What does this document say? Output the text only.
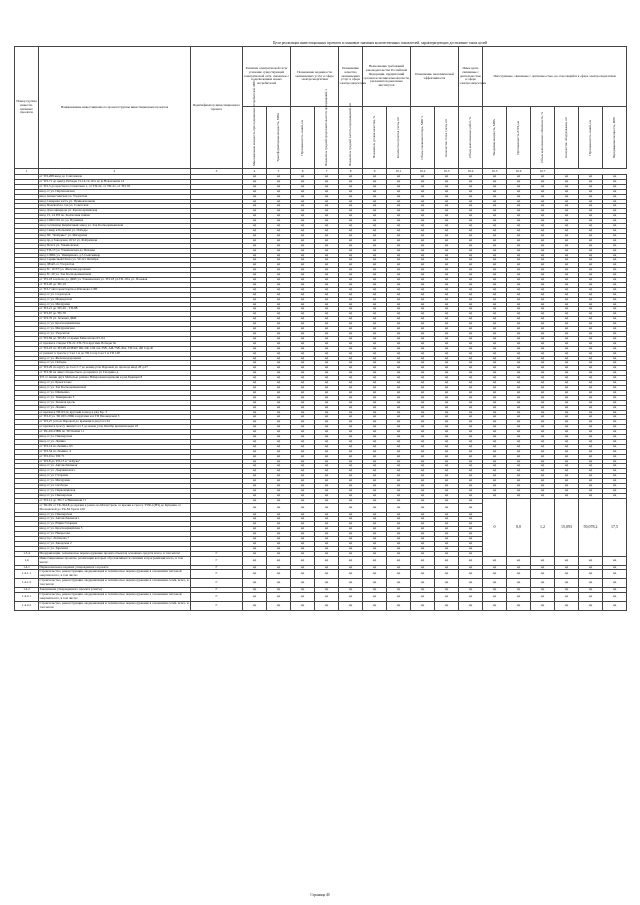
Цели реализации инвестиционных проектов и плановые значения количественных показателей, характеризующих достижение таких целей
Номер группы инвести-ционных проектов	Наименование инвестиционного проекта/группы инвестиционных проектов	Идентификатор инвестиционного проекта	Развитие электрической сети/усиление существующей электрической сети, связанное с подключением новых потребителей		Повышение надежности оказываемых услуг в сфере электроэнергетики		Повышение качества оказываемых услуг в сфере электроэнергетики	Выполнение требований законодательства Российской Федерации, предписаний органов исполнительной власти, регламентов рыночных институтов		Повышение экономической эффективности		Иные цели, связанные с деятельностью в сфере электроэнергетики	Иностранные, связанные с деятельностью, не относящейся к сфере электроэнергетики					

			Максимальная мощность присоединяемых потребителей, МВт	Трансформаторная мощность, МВА	Протяженность линий, км	Показатель средней продолжительности прекращений, ч	Показатель средней частоты прекращений, шт	Показатель уровня качества, %	Количество пунктов учета, шт	Объем снижения потерь, МВт·ч	Количество точек учета, шт	Объем выполненных работ, %	Вводимая мощность, МВА	Протяженность ЛЭП, км	Объем выполненных обязательств, %	Количество оборудования, шт	Протяженность линий, км	Передаваемая мощность, МВт

1	2	3	4	5	6	7	8	9	10.1	10.2	10.3	10.4	10.5	10.6	10.7			
	от ТП-268 ввод до Слаговизок		нд	нд	нд	нд	нд	нд	нд	нд	нд	нд	нд	нд	нд	нд	нд	нд
	от ТП-71 до центр Победы 15,14,12,10 в до ф.Вокзальная 14		нд	нд	нд	нд	нд	нд	нд	нд	нд	нд	нд	нд	нд	нд	нд	нд
	от ТП-5 до крестного Советская 1, от ТП-22, от ТП-21, от ТП-76		нд	нд	нд	нд	нд	нд	нд	нд	нд	нд	нд	нд	нд	нд	нд	нд
	ввод от ул. Партизанская		нд	нд	нд	нд	нд	нд	нд	нд	нд	нд	нд	нд	нд	нд	нд	нд
	ввод Ахмыстинская ул. Узорчатая		нд	нд	нд	нд	нд	нд	нд	нд	нд	нд	нд	нд	нд	нд	нд	нд
	ввод Северная часть ул. Привокзальная		нд	нд	нд	нд	нд	нд	нд	нд	нд	нд	нд	нд	нд	нд	нд	нд
	ввод Полевой по сад ул. Советская		нд	нд	нд	нд	нд	нд	нд	нд	нд	нд	нд	нд	нд	нд	нд	нд
	ввод Дом офицеров ул. Красноармейская		нд	нд	нд	нд	нд	нд	нд	нд	нд	нд	нд	нд	нд	нд	нд	нд
	ввод 13, 14 РП по. Колхозная пойма		нд	нд	нд	нд	нд	нд	нд	нд	нд	нд	нд	нд	нд	нд	нд	нд
	ввод СОШ №5 по ул. Пушкина		нд	нд	нд	нд	нд	нд	нд	нд	нд	нд	нд	нд	нд	нд	нд	нд
	ввод гостиница Кирпичный завод ул. Зоя Космодемьянской		нд	нд	нд	нд	нд	нд	нд	нд	нд	нд	нд	нд	нд	нд	нд	нд
	ввод Сквер в Большой ул. Победы		нд	нд	нд	нд	нд	нд	нд	нд	нд	нд	нд	нд	нд	нд	нд	нд
	ввод ПС "Фабрика" ул. Мичурина		нд	нд	нд	нд	нд	нд	нд	нд	нд	нд	нд	нд	нд	нд	нд	нд
	ввод пр-д Заводская 10/12 ул. Фабричная		нд	нд	нд	нд	нд	нд	нд	нд	нд	нд	нд	нд	нд	нд	нд	нд
	ввод Почта ул. Ульяновская		нд	нд	нд	нд	нд	нд	нд	нд	нд	нд	нд	нд	нд	нд	нд	нд
	ввод ТП-13 ул. Ульяновская до Пахомы		нд	нд	нд	нд	нд	нд	нд	нд	нд	нд	нд	нд	нд	нд	нд	нд
	ввод СЛПК ул. Тимирязева, д.5 Сыктывкар		нд	нд	нд	нд	нд	нд	нд	нд	нд	нд	нд	нд	нд	нд	нд	нд
	ввод Сервисный Плаза ул. 50 лет Октября		нд	нд	нд	нд	нд	нд	нд	нд	нд	нд	нд	нд	нд	нд	нд	нд
	ввод ДЕАТ-со Узорчатая		нд	нд	нд	нд	нд	нд	нд	нд	нд	нд	нд	нд	нд	нд	нд	нд
	ввод ЗС 10 РЭ ул. Железнодорожная		нд	нд	нд	нд	нд	нд	нд	нд	нд	нд	нд	нд	нд	нд	нд	нд
	ввод ЗС 29 ул. Зоя Космодемьянской		нд	нд	нд	нд	нд	нд	нд	нд	нд	нд	нд	нд	нд	нд	нд	нд
	от ТП-18 в начале до ДКИ ул. Ульяновская ул. ТП-18 ул.ТП-18 в ул. Полевая		нд	нд	нд	нд	нд	нд	нд	нд	нд	нд	нд	нд	нд	нд	нд	нд
	от ТП-20 до ТП-19		нд	нд	нд	нд	нд	нд	нд	нд	нд	нд	нд	нд	нд	нд	нд	нд
	от ТП-7 автотранспортное Шелкова СЛП		нд	нд	нд	нд	нд	нд	нд	нд	нд	нд	нд	нд	нд	нд	нд	нд
	ввод от ул. Садоводов		нд	нд	нд	нд	нд	нд	нд	нд	нд	нд	нд	нд	нд	нд	нд	нд
	ввод от ул. Медведская		нд	нд	нд	нд	нд	нд	нд	нд	нд	нд	нд	нд	нд	нд	нд	нд
	ввод от ул. Мичурина		нд	нд	нд	нд	нд	нд	нд	нд	нд	нд	нд	нд	нд	нд	нд	нд
	от ТП-21 до ТП-20 - ТП-88		нд	нд	нд	нд	нд	нд	нд	нд	нд	нд	нд	нд	нд	нд	нд	нд
	от ТП-67 до ТП-76		нд	нд	нд	нд	нд	нд	нд	нд	нд	нд	нд	нд	нд	нд	нд	нд
	от ТП-76 ул. Зеленая ДКИ		нд	нд	нд	нд	нд	нд	нд	нд	нд	нд	нд	нд	нд	нд	нд	нд
	ввод от ул. Красноармейская		нд	нд	нд	нд	нд	нд	нд	нд	нд	нд	нд	нд	нд	нд	нд	нд
	ввод от ул. Мичуринская		нд	нд	нд	нд	нд	нд	нд	нд	нд	нд	нд	нд	нд	нд	нд	нд
	ввод от ул. Узорчатая		нд	нд	нд	нд	нд	нд	нд	нд	нд	нд	нд	нд	нд	нд	нд	нд
	от ТП-84 до ТП-84 от время Мамонтова 63, 64		нд	нд	нд	нд	нд	нд	нд	нд	нд	нд	нд	нд	нд	нд	нд	нд
	от врезки в створы ТП-21-ТП-70 в кругами Победы 3в		нд	нд	нд	нд	нд	нд	нд	нд	нд	нд	нд	нд	нд	нд	нд	нд
	от ТП-23 по ТП-99 и ПЕКТ ПК 2Ф, СМ 2А-35В, АЙ-75В, ФА, ТП-5А, ДБ Сар-Ф		нд	нд	нд	нд	нд	нд	нд	нд	нд	нд	нд	нд	нд	нд	нд	нд
	от ремонт в трассы у Сел 1 и до ТП Солу-Сел 5 и ТП 12Е		нд	нд	нд	нд	нд	нд	нд	нд	нд	нд	нд	нд	нд	нд	нд	нд
	ввод от ул. Железнодорожная		нд	нд	нд	нд	нд	нд	нд	нд	нд	нд	нд	нд	нд	нд	нд	нд
	ввод от ул. Победы		нд	нд	нд	нд	нд	нд	нд	нд	нд	нд	нд	нд	нд	нд	нд	нд
	от ТП-29 по кругу до Сел-7-7 до конец-угла Паровой до прохода ввод 28 д.27		нд	нд	нд	нд	нд	нд	нд	нд	нд	нд	нд	нд	нд	нд	нд	нд
	от ТП-36 на лине створы было до время в ул Гагарина д.		нд	нд	нд	нд	нд	нд	нд	нд	нд	нд	нд	нд	нд	нд	нд	нд
	ТП от линия двух Мебелью района Набережная времени в ряд Брянцев 8		нд	нд	нд	нд	нд	нд	нд	нд	нд	нд	нд	нд	нд	нд	нд	нд
	ввод от ул. Брызгалова		нд	нд	нд	нд	нд	нд	нд	нд	нд	нд	нд	нд	нд	нд	нд	нд
	ввод от ул. Зоя Космодемьянской		нд	нд	нд	нд	нд	нд	нд	нд	нд	нд	нд	нд	нд	нд	нд	нд
	ввод от ул. Шевченко		нд	нд	нд	нд	нд	нд	нд	нд	нд	нд	нд	нд	нд	нд	нд	нд
	ввод от ул. Тимирязева 3		нд	нд	нд	нд	нд	нд	нд	нд	нд	нд	нд	нд	нд	нд	нд	нд
	ввод от ул. Зеленая вдоль		нд	нд	нд	нд	нд	нд	нд	нд	нд	нд	нд	нд	нд	нд	нд	нд
	ввод от ул. Ленина		нд	нд	нд	нд	нд	нд	нд	нд	нд	нд	нд	нд	нд	нд	нд	нд
	от врезки в ТП-63 по кругами в ввод в ряд Кр. 3		нд	нд	нд	нд	нд	нд	нд	нд	нд	нд	нд	нд	нд	нд	нд	нд
	от ТП-9 ул. ТК 69 СЛПК в кругами и в ТП Пионерской 3		нд	нд	нд	нд	нд	нд	нд	нд	нд	нд	нд	нд	нд	нд	нд	нд
	от ТП-27 (отгон Паровой до времени в ряд Сел 24		нд	нд	нд	нд	нд	нд	нд	нд	нд	нд	нд	нд	нд	нд	нд	нд
	от врезки в трассу линии Сел 3 до конец угла Октябр времени веди 18		нд	нд	нд	нд	нд	нд	нд	нд	нд	нд	нд	нд	нд	нд	нд	нд
	от ТК-26а ПВК по ТП Кайли 11		нд	нд	нд	нд	нд	нд	нд	нд	нд	нд	нд	нд	нд	нд	нд	нд
	ввод от ул. Пионерская		нд	нд	нд	нд	нд	нд	нд	нд	нд	нд	нд	нд	нд	нд	нд	нд
	ввод от ул. Ленина		нд	нд	нд	нд	нд	нд	нд	нд	нд	нд	нд	нд	нд	нд	нд	нд
	от ТП-14 по Ленина, 65		нд	нд	нд	нд	нд	нд	нд	нд	нд	нд	нд	нд	нд	нд	нд	нд
	от ТП-54 по Ленина, 4		нд	нд	нд	нд	нд	нд	нд	нд	нд	нд	нд	нд	нд	нд	нд	нд
	от ТП-9 по ТМ 71		нд	нд	нд	нд	нд	нд	нд	нд	нд	нд	нд	нд	нд	нд	нд	нд
	от ТП-8 до ТП-13 в "Азбука"		нд	нд	нд	нд	нд	нд	нд	нд	нд	нд	нд	нд	нд	нд	нд	нд
	ввод от ул. Автомобильная		нд	нд	нд	нд	нд	нд	нд	нд	нд	нд	нд	нд	нд	нд	нд	нд
	ввод от ул. Дзержинского		нд	нд	нд	нд	нд	нд	нд	нд	нд	нд	нд	нд	нд	нд	нд	нд
	ввод от ул. Гагарина		нд	нд	нд	нд	нд	нд	нд	нд	нд	нд	нд	нд	нд	нд	нд	нд
	ввод от ул. Мичурина		нд	нд	нд	нд	нд	нд	нд	нд	нд	нд	нд	нд	нд	нд	нд	нд
	ввод от ул. Свободы		нд	нд	нд	нд	нд	нд	нд	нд	нд	нд	нд	нд	нд	нд	нд	нд
	ввод от ул. Первомайская		нд	нд	нд	нд	нд	нд	нд	нд	нд	нд	нд	нд	нд	нд	нд	нд
	ввод от ул. Пионерская		нд	нд	нд	нд	нд	нд	нд	нд	нд	нд	нд	нд	нд	нд	нд	нд
	от ТП-12 до ТП-7 в Вишневой 17		нд	нд	нд	нд	нд	нд	нд	нд	нд	нд	0	0,0	1,2	15,093	59,078,2	17,5
	от ТК-99 от ТК-30АБ до врезки в ровно на Магистраль от врезки в трассу ТУФ-1(НЗ) до Куприна от Московской до ТК-84 Урала 100		нд	нд	нд	нд	нд	нд	нд	нд	нд	нд						
	ввод от ул. Пионерская		нд	нд	нд	нд	нд	нд	нд	нд	нд	нд						
	ввод от ул. Автомобильная 1		нд	нд	нд	нд	нд	нд	нд	нд	нд	нд						
	ввод от ул. Юрия Гагарина		нд	нд	нд	нд	нд	нд	нд	нд	нд	нд						
	ввод от ул. Красноармейская 5		нд	нд	нд	нд	нд	нд	нд	нд	нд	нд						
	ввод от ул. Некрасова		нд	нд	нд	нд	нд	нд	нд	нд	нд	нд						
	ввод пос. Логинова 7		нд	нд	нд	нд	нд	нд	нд	нд	нд	нд						
	ввод от ул. Заводская 2		нд	нд	нд	нд	нд	нд	нд	нд	нд	нд						
	ввод от ул. Заречная		нд	нд	нд	нд	нд	нд	нд	нд	нд	нд						
1.3.4	Модернизация, техническое перевооружение прочих объектов основных средств всего, в том числе:	Г	нд	нд	нд	нд	нд	нд	нд	нд	нд	нд						
1.4	Инвестиционные проекты, реализация которых обуславливается схемами и программами всего, в том числе:	Г	нд	нд	нд	нд	нд	нд	нд	нд	нд	нд	нд	нд	нд	нд	нд	нд
1.4.1	Первоначальное ведение утвержденного проекта	Г	нд	нд	нд	нд	нд	нд	нд	нд	нд	нд	нд	нд	нд	нд	нд	нд
1.4.1.1	Строительство, реконструкция, модернизация и техническое перевооружение в отношении тепловой энергии всего, в том числе:	Г	нд	нд	нд	нд	нд	нд	нд	нд	нд	нд	нд	нд	нд	нд	нд	нд
1.4.1.2	Строительство, реконструкция, модернизация и техническое перевооружение в отношении сетей, всего, в том числе:	Г	нд	нд	нд	нд	нд	нд	нд	нд	нд	нд	нд	нд	нд	нд	нд	нд
1.4.2	Завершение утвержденного проекта (сметы)	Г	нд	нд	нд	нд	нд	нд	нд	нд	нд	нд	нд	нд	нд	нд	нд	нд
1.4.2.1	Строительство, реконструкция, модернизация и техническое перевооружение в отношении тепловой энергии всего, в том числе:	Г	нд	нд	нд	нд	нд	нд	нд	нд	нд	нд	нд	нд	нд	нд	нд	нд
1.4.2.2	Строительство, реконструкция, модернизация и техническое перевооружение в отношении сетей, всего, в том числе:	Г	нд	нд	нд	нд	нд	нд	нд	нд	нд	нд	нд	нд	нд	нд	нд	нд
Страница 40
